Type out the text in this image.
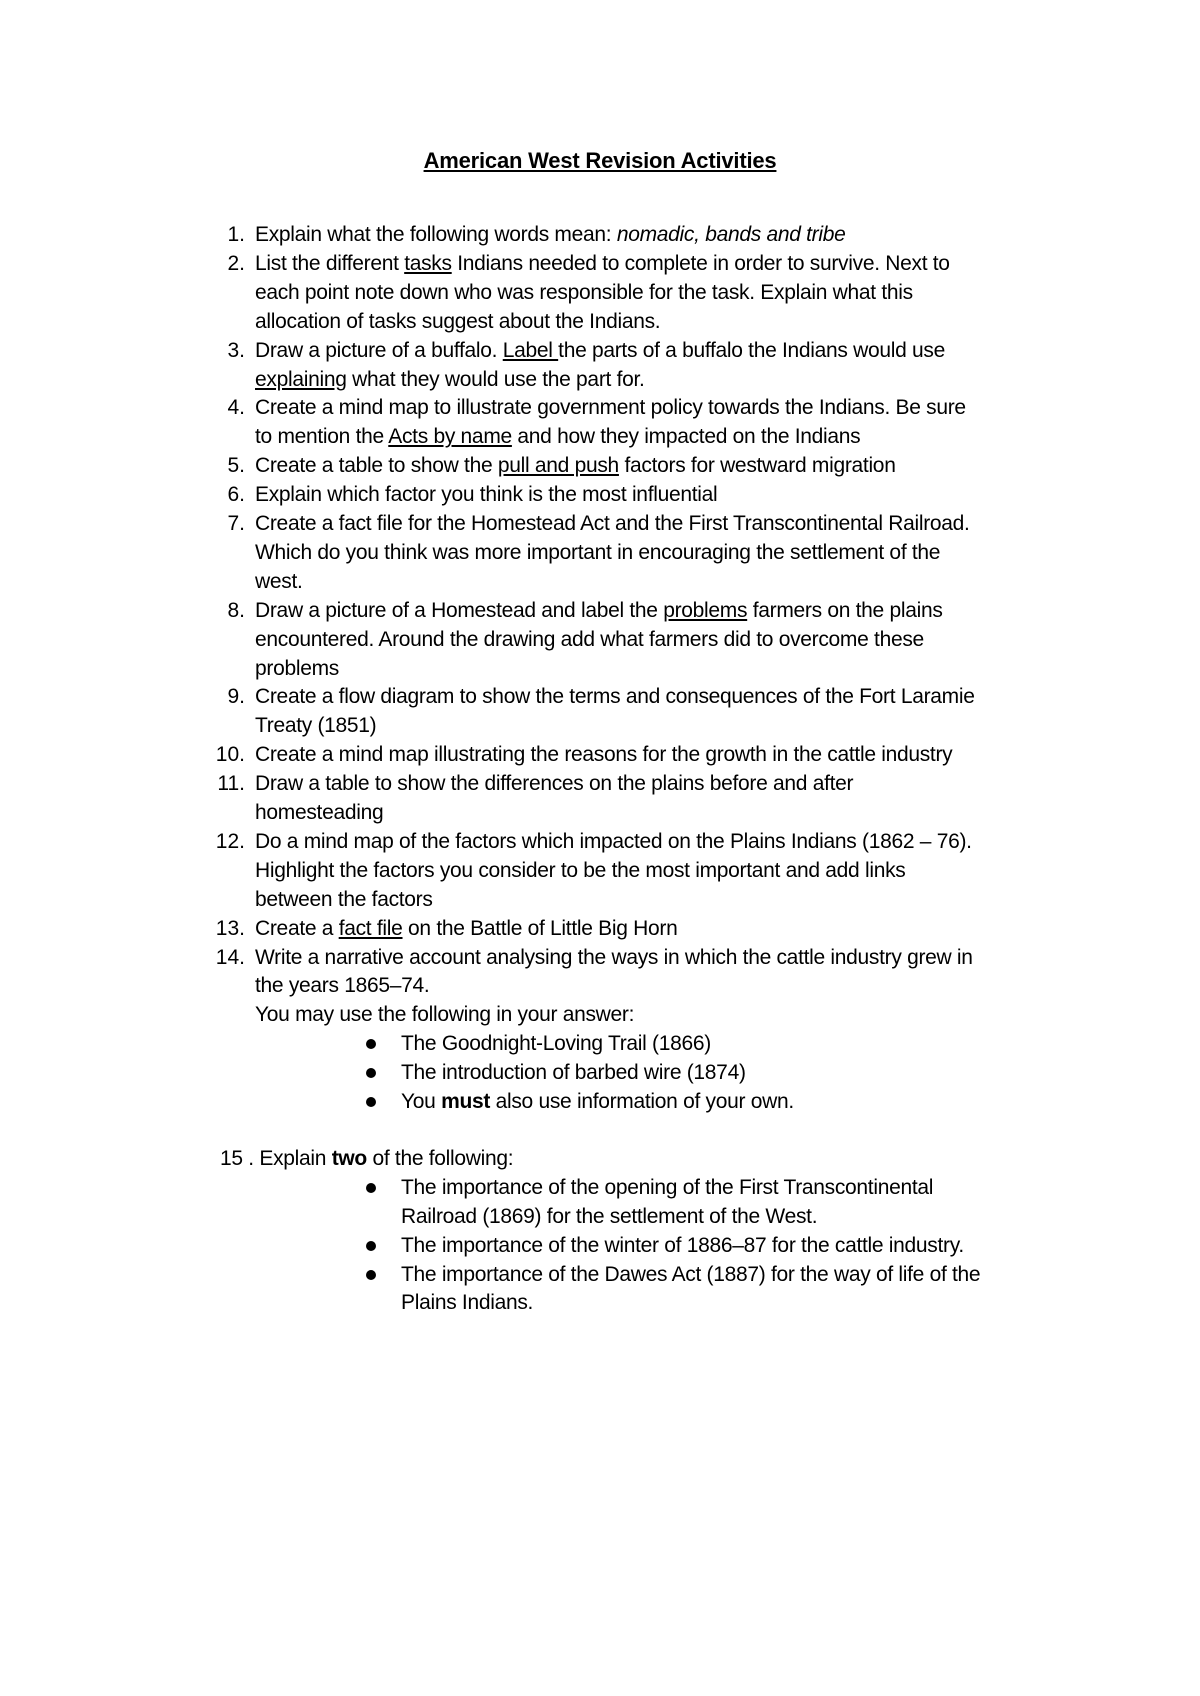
American West Revision Activities
1. Explain what the following words mean: nomadic, bands and tribe
2. List the different tasks Indians needed to complete in order to survive. Next to
each point note down who was responsible for the task. Explain what this
allocation of tasks suggest about the Indians.
3. Draw a picture of a buffalo. Label the parts of a buffalo the Indians would use
explaining what they would use the part for.
4. Create a mind map to illustrate government policy towards the Indians. Be sure
to mention the Acts by name and how they impacted on the Indians
5. Create a table to show the pull and push factors for westward migration
6. Explain which factor you think is the most influential
7. Create a fact file for the Homestead Act and the First Transcontinental Railroad.
Which do you think was more important in encouraging the settlement of the
west.
8. Draw a picture of a Homestead and label the problems farmers on the plains
encountered. Around the drawing add what farmers did to overcome these
problems
9. Create a flow diagram to show the terms and consequences of the Fort Laramie
Treaty (1851)
10. Create a mind map illustrating the reasons for the growth in the cattle industry
11. Draw a table to show the differences on the plains before and after
homesteading
12. Do a mind map of the factors which impacted on the Plains Indians (1862 – 76).
Highlight the factors you consider to be the most important and add links
between the factors
13. Create a fact file on the Battle of Little Big Horn
14. Write a narrative account analysing the ways in which the cattle industry grew in
the years 1865–74.
You may use the following in your answer:
The Goodnight-Loving Trail (1866)
The introduction of barbed wire (1874)
You must also use information of your own.
15 . Explain two of the following:
The importance of the opening of the First Transcontinental
Railroad (1869) for the settlement of the West.
The importance of the winter of 1886–87 for the cattle industry.
The importance of the Dawes Act (1887) for the way of life of the
Plains Indians.
